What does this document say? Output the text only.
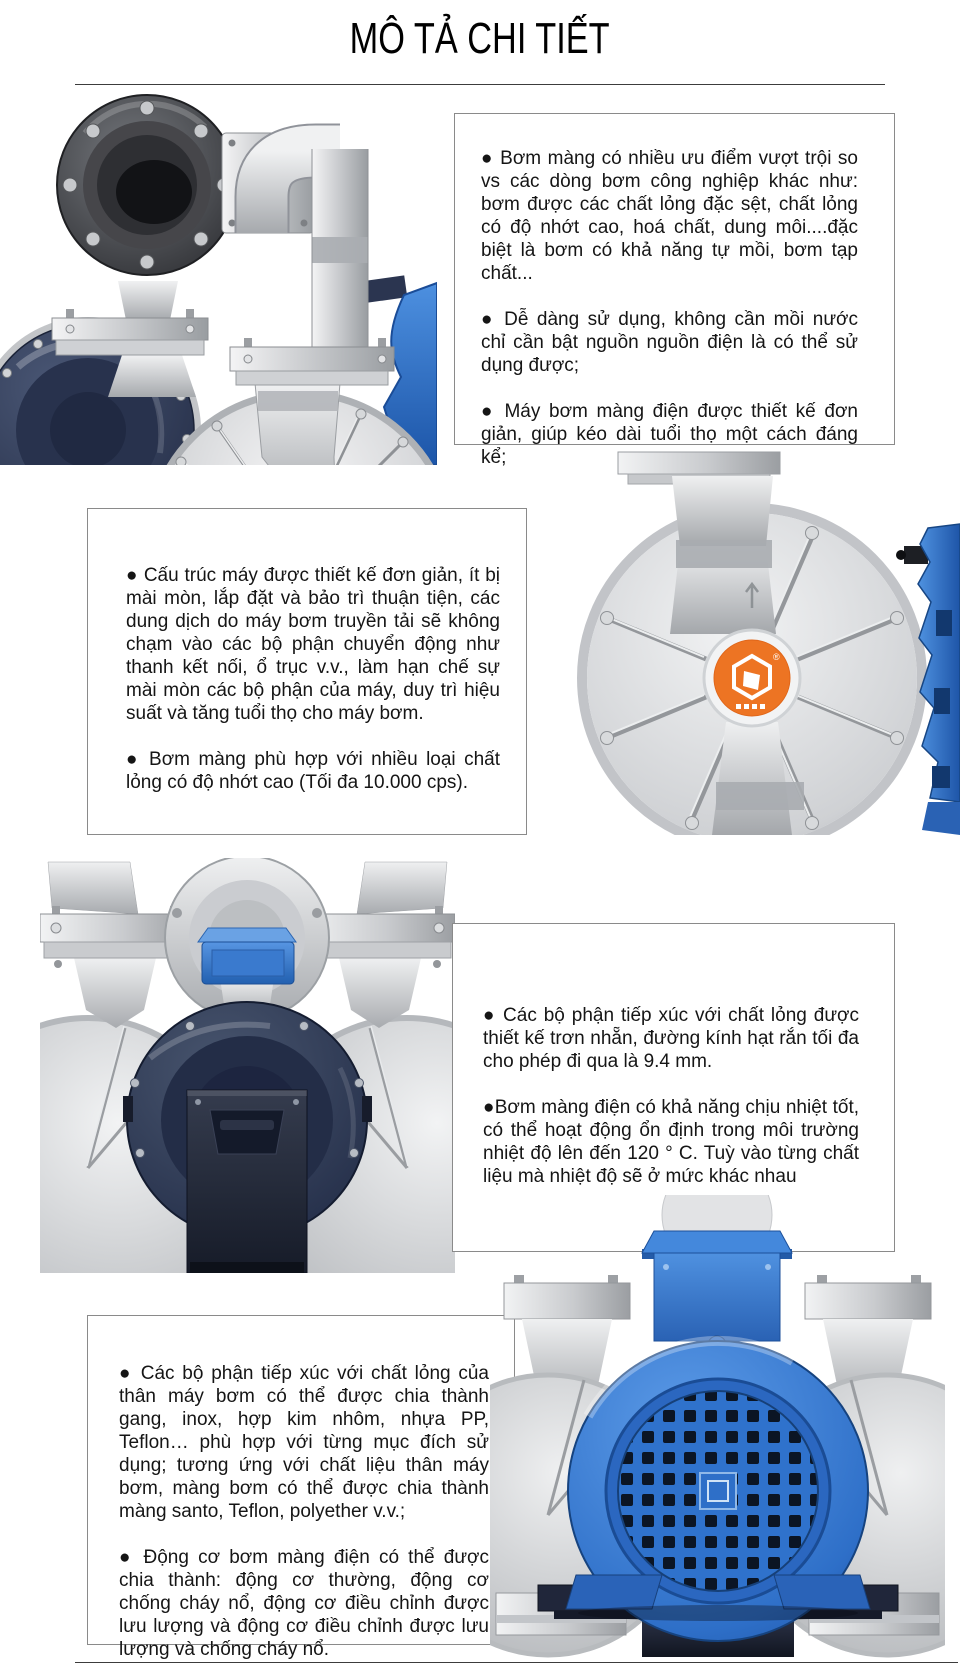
MÔ TẢ CHI TIẾT

● Bơm màng có nhiều ưu điểm vượt trội so vs các dòng bơm công nghiệp khác như: bơm được các chất lỏng đặc sệt, chất lỏng có độ nhớt cao, hoá chất, dung môi....đặc biệt là bơm có khả năng tự mồi, bơm tạp chất...

● Dễ dàng sử dụng, không cần mồi nước chỉ cần bật nguồn nguồn điện là có thể sử dụng được;

● Máy bơm màng điện được thiết kế đơn giản, giúp kéo dài tuổi thọ một cách đáng kể;

● Cấu trúc máy được thiết kế đơn giản, ít bị mài mòn, lắp đặt và bảo trì thuận tiện, các dung dịch do máy bơm truyền tải sẽ không chạm vào các bộ phận chuyển động như thanh kết nối, ổ trục v.v., làm hạn chế sự mài mòn các bộ phận của máy, duy trì hiệu suất và tăng tuổi thọ cho máy bơm.

● Bơm màng phù hợp với nhiều loại chất lỏng có độ nhớt cao (Tối đa 10.000 cps).

®

● Các bộ phận tiếp xúc với chất lỏng được thiết kế trơn nhẵn, đường kính hạt rắn tối đa cho phép đi qua là 9.4 mm.

●Bơm màng điện có khả năng chịu nhiệt tốt, có thể hoạt động ổn định trong môi trường nhiệt độ lên đến 120 ° C. Tuỳ vào từng chất liệu mà nhiệt độ sẽ ở mức khác nhau

● Các bộ phận tiếp xúc với chất lỏng của thân máy bơm có thể được chia thành gang, inox, hợp kim nhôm, nhựa PP, Teflon… phù hợp với từng mục đích sử dụng; tương ứng với chất liệu thân máy bơm, màng bơm có thể được chia thành màng santo, Teflon, polyether v.v.;

● Động cơ bơm màng điện có thể được chia thành: động cơ thường, động cơ chống cháy nổ, động cơ điều chỉnh được lưu lượng và động cơ điều chỉnh được lưu lượng và chống cháy nổ.
